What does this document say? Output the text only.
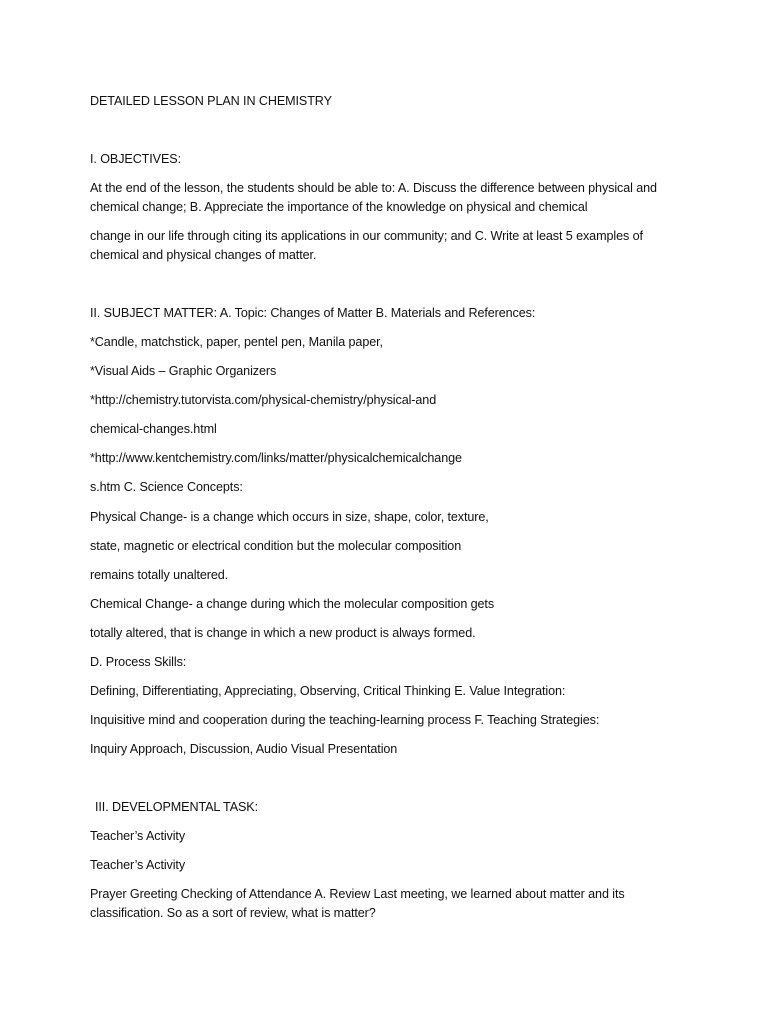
DETAILED LESSON PLAN IN CHEMISTRY

I. OBJECTIVES:

At the end of the lesson, the students should be able to: A. Discuss the difference between physical and

chemical change; B. Appreciate the importance of the knowledge on physical and chemical

change in our life through citing its applications in our community; and C. Write at least 5 examples of

chemical and physical changes of matter.

II. SUBJECT MATTER: A. Topic: Changes of Matter B. Materials and References:

*Candle, matchstick, paper, pentel pen, Manila paper,

*Visual Aids – Graphic Organizers

*http://chemistry.tutorvista.com/physical-chemistry/physical-and

chemical-changes.html

*http://www.kentchemistry.com/links/matter/physicalchemicalchange

s.htm C. Science Concepts:

Physical Change- is a change which occurs in size, shape, color, texture,

state, magnetic or electrical condition but the molecular composition

remains totally unaltered.

Chemical Change- a change during which the molecular composition gets

totally altered, that is change in which a new product is always formed.

D. Process Skills:

Defining, Differentiating, Appreciating, Observing, Critical Thinking E. Value Integration:

Inquisitive mind and cooperation during the teaching-learning process F. Teaching Strategies:

Inquiry Approach, Discussion, Audio Visual Presentation

III. DEVELOPMENTAL TASK:

Teacher’s Activity

Teacher’s Activity

Prayer Greeting Checking of Attendance A. Review Last meeting, we learned about matter and its

classification. So as a sort of review, what is matter?
